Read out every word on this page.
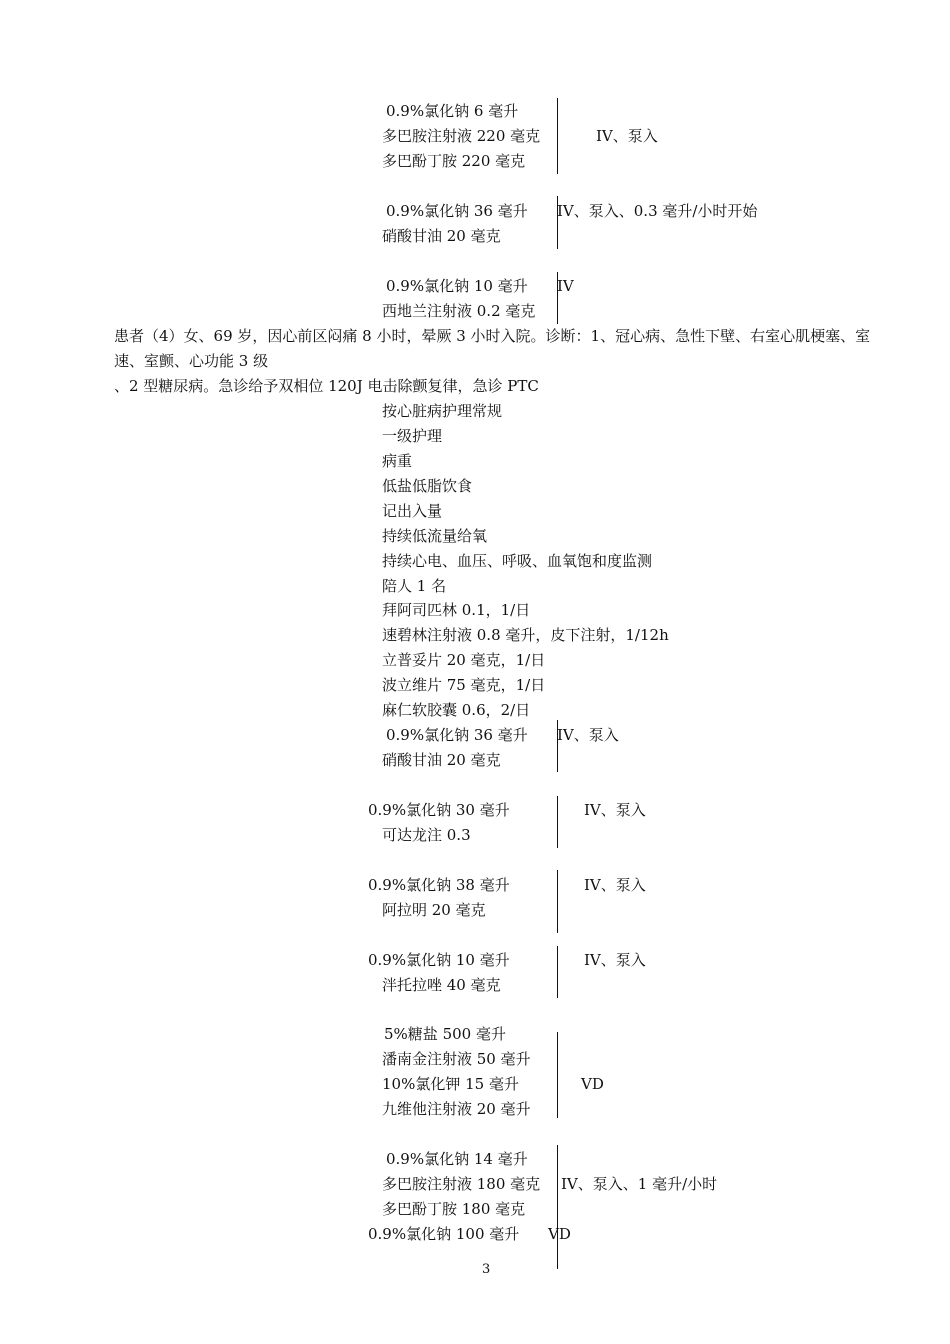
0.9%氯化钠 6 毫升
多巴胺注射液 220 毫克
多巴酚丁胺 220 毫克
IV、泵入
0.9%氯化钠 36 毫升
硝酸甘油 20 毫克
IV、泵入、0.3 毫升/小时开始
0.9%氯化钠 10 毫升
西地兰注射液 0.2 毫克
IV
患者（4）女、69 岁，因心前区闷痛 8 小时，晕厥 3 小时入院。诊断：1、冠心病、急性下壁、右室心肌梗塞、室
速、室颤、心功能 3 级
、2 型糖尿病。急诊给予双相位 120J 电击除颤复律，急诊 PTC
按心脏病护理常规
一级护理
病重
低盐低脂饮食
记出入量
持续低流量给氧
持续心电、血压、呼吸、血氧饱和度监测
陪人 1 名
拜阿司匹林 0.1，1/日
速碧林注射液 0.8 毫升，皮下注射，1/12h
立普妥片 20 毫克，1/日
波立维片 75 毫克，1/日
麻仁软胶囊 0.6，2/日
0.9%氯化钠 36 毫升
硝酸甘油 20 毫克
IV、泵入
0.9%氯化钠 30 毫升
可达龙注 0.3
IV、泵入
0.9%氯化钠 38 毫升
阿拉明 20 毫克
IV、泵入
0.9%氯化钠 10 毫升
泮托拉唑 40 毫克
IV、泵入
5%糖盐 500 毫升
潘南金注射液 50 毫升
10%氯化钾 15 毫升
九维他注射液 20 毫升
VD
0.9%氯化钠 14 毫升
多巴胺注射液 180 毫克
多巴酚丁胺 180 毫克
IV、泵入、1 毫升/小时
0.9%氯化钠 100 毫升 VD
3
